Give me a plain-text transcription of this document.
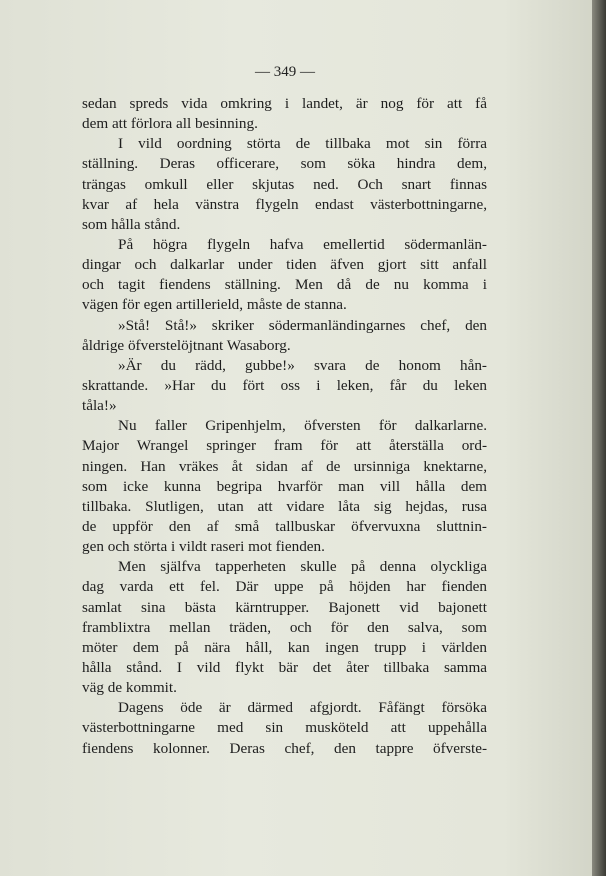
— 349 —
sedan spreds vida omkring i landet, är nog för att få
dem att förlora all besinning.
I vild oordning störta de tillbaka mot sin förra
ställning. Deras officerare, som söka hindra dem,
trängas omkull eller skjutas ned. Och snart finnas
kvar af hela vänstra flygeln endast västerbottningarne,
som hålla stånd.
På högra flygeln hafva emellertid södermanlän-
dingar och dalkarlar under tiden äfven gjort sitt anfall
och tagit fiendens ställning. Men då de nu komma i
vägen för egen artillerield, måste de stanna.
»Stå! Stå!» skriker södermanländingarnes chef, den
åldrige öfverstelöjtnant Wasaborg.
»Är du rädd, gubbe!» svara de honom hån-
skrattande. »Har du fört oss i leken, får du leken
tåla!»
Nu faller Gripenhjelm, öfversten för dalkarlarne.
Major Wrangel springer fram för att återställa ord-
ningen. Han vräkes åt sidan af de ursinniga knektarne,
som icke kunna begripa hvarför man vill hålla dem
tillbaka. Slutligen, utan att vidare låta sig hejdas, rusa
de uppför den af små tallbuskar öfvervuxna sluttnin-
gen och störta i vildt raseri mot fienden.
Men själfva tapperheten skulle på denna olyckliga
dag varda ett fel. Där uppe på höjden har fienden
samlat sina bästa kärntrupper. Bajonett vid bajonett
framblixtra mellan träden, och för den salva, som
möter dem på nära håll, kan ingen trupp i världen
hålla stånd. I vild flykt bär det åter tillbaka samma
väg de kommit.
Dagens öde är därmed afgjordt. Fåfängt försöka
västerbottningarne med sin musköteld att uppehålla
fiendens kolonner. Deras chef, den tappre öfverste-
